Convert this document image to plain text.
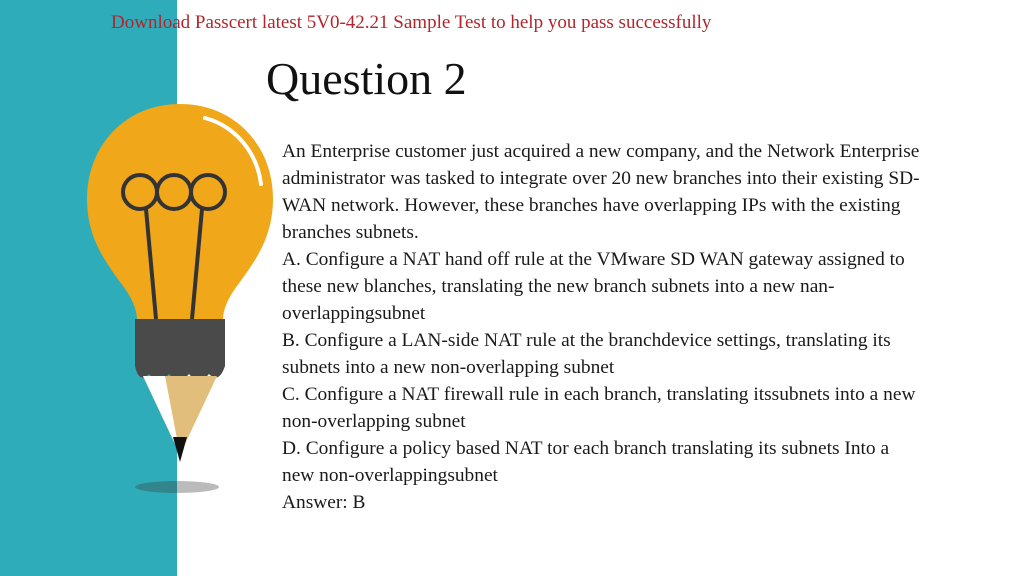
Download Passcert latest 5V0-42.21 Sample Test to help you pass successfully
Question 2

An Enterprise customer just acquired a new company, and the Network Enterprise
administrator was tasked to integrate over 20 new branches into their existing SD-
WAN network. However, these branches have overlapping IPs with the existing
branches subnets.

A. Configure a NAT hand off rule at the VMware SD WAN gateway assigned to
these new blanches, translating the new branch subnets into a new nan-
overlappingsubnet

B. Configure a LAN-side NAT rule at the branchdevice settings, translating its
subnets into a new non-overlapping subnet

C. Configure a NAT firewall rule in each branch, translating itssubnets into a new
non-overlapping subnet

D. Configure a policy based NAT tor each branch translating its subnets Into a
new non-overlappingsubnet

Answer: B
